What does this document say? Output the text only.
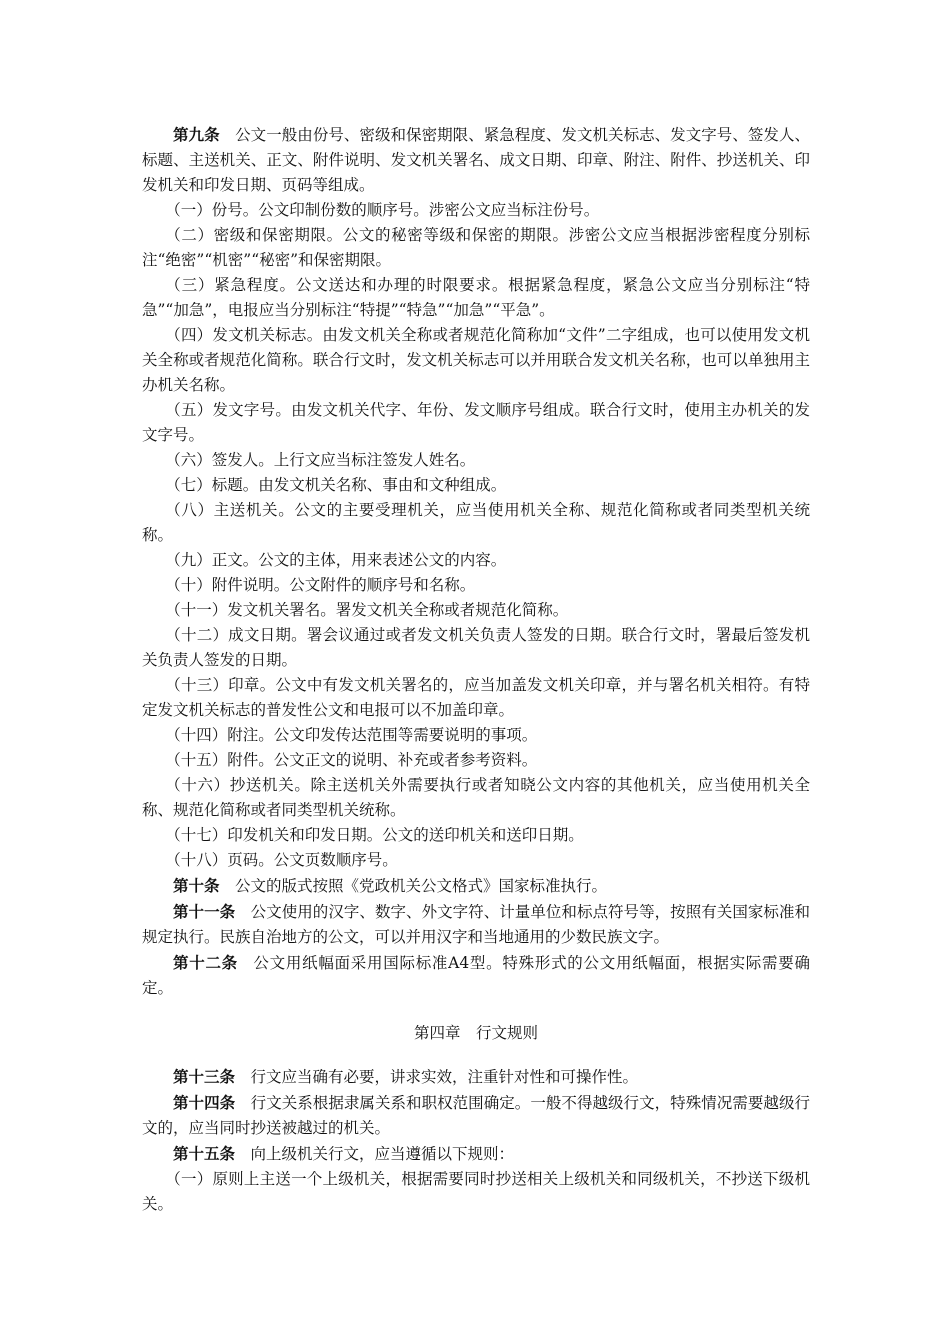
第九条 公文一般由份号、密级和保密期限、紧急程度、发文机关标志、发文字号、签发人、标题、主送机关、正文、附件说明、发文机关署名、成文日期、印章、附注、附件、抄送机关、印发机关和印发日期、页码等组成。

（一）份号。公文印制份数的顺序号。涉密公文应当标注份号。

（二）密级和保密期限。公文的秘密等级和保密的期限。涉密公文应当根据涉密程度分别标注“绝密”“机密”“秘密”和保密期限。

（三）紧急程度。公文送达和办理的时限要求。根据紧急程度，紧急公文应当分别标注“特急”“加急”，电报应当分别标注“特提”“特急”“加急”“平急”。

（四）发文机关标志。由发文机关全称或者规范化简称加“文件”二字组成，也可以使用发文机关全称或者规范化简称。联合行文时，发文机关标志可以并用联合发文机关名称，也可以单独用主办机关名称。

（五）发文字号。由发文机关代字、年份、发文顺序号组成。联合行文时，使用主办机关的发文字号。

（六）签发人。上行文应当标注签发人姓名。

（七）标题。由发文机关名称、事由和文种组成。

（八）主送机关。公文的主要受理机关，应当使用机关全称、规范化简称或者同类型机关统称。

（九）正文。公文的主体，用来表述公文的内容。

（十）附件说明。公文附件的顺序号和名称。

（十一）发文机关署名。署发文机关全称或者规范化简称。

（十二）成文日期。署会议通过或者发文机关负责人签发的日期。联合行文时，署最后签发机关负责人签发的日期。

（十三）印章。公文中有发文机关署名的，应当加盖发文机关印章，并与署名机关相符。有特定发文机关标志的普发性公文和电报可以不加盖印章。

（十四）附注。公文印发传达范围等需要说明的事项。

（十五）附件。公文正文的说明、补充或者参考资料。

（十六）抄送机关。除主送机关外需要执行或者知晓公文内容的其他机关，应当使用机关全称、规范化简称或者同类型机关统称。

（十七）印发机关和印发日期。公文的送印机关和送印日期。

（十八）页码。公文页数顺序号。

第十条 公文的版式按照《党政机关公文格式》国家标准执行。

第十一条 公文使用的汉字、数字、外文字符、计量单位和标点符号等，按照有关国家标准和规定执行。民族自治地方的公文，可以并用汉字和当地通用的少数民族文字。

第十二条 公文用纸幅面采用国际标准A4型。特殊形式的公文用纸幅面，根据实际需要确定。

第四章　行文规则

第十三条 行文应当确有必要，讲求实效，注重针对性和可操作性。

第十四条 行文关系根据隶属关系和职权范围确定。一般不得越级行文，特殊情况需要越级行文的，应当同时抄送被越过的机关。

第十五条 向上级机关行文，应当遵循以下规则：

（一）原则上主送一个上级机关，根据需要同时抄送相关上级机关和同级机关，不抄送下级机关。
